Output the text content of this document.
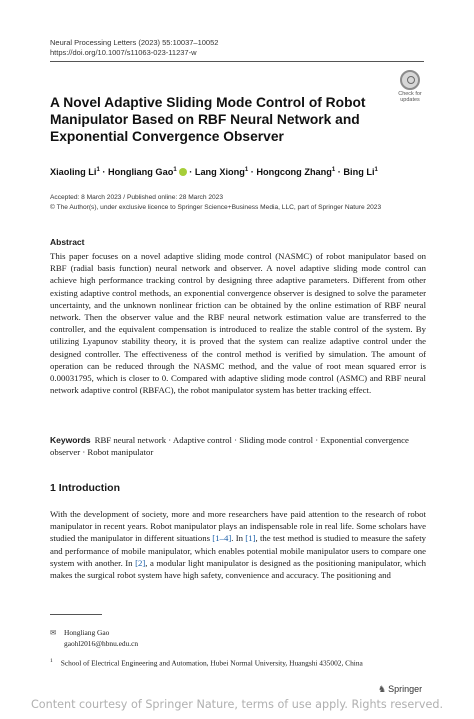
Neural Processing Letters (2023) 55:10037–10052
https://doi.org/10.1007/s11063-023-11237-w
Check for
updates
A Novel Adaptive Sliding Mode Control of Robot Manipulator Based on RBF Neural Network and Exponential Convergence Observer
Xiaoling $Li^1$ · Hongliang Gao$^1$ · Lang Xiong$^1$ · Hongcong Zhang$^1$ · Bing Li$^1$
Accepted: 8 March 2023 / Published online: 28 March 2023
© The Author(s), under exclusive licence to Springer Science+Business Media, LLC, part of Springer Nature 2023
Abstract

This paper focuses on a novel adaptive sliding mode control (NASMC) of robot manipulator based on RBF (radial basis function) neural network and observer. A novel adaptive sliding mode control can achieve high performance tracking control by designing three adaptive parameters. Different from other existing adaptive control methods, an exponential convergence observer is designed to solve the parameter uncertainty, and the unknown nonlinear friction can be obtained by the online estimation of RBF neural network. Then the observer value and the RBF neural network estimation value are transferred to the controller, and the equivalent compensation is introduced to realize the stable control of the system. By utilizing Lyapunov stability theory, it is proved that the system can realize adaptive control under the designed controller. The effectiveness of the control method is verified by simulation. The amount of operation can be reduced through the NASMC method, and the value of root mean squared error is 0.00031795, which is closer to 0. Compared with adaptive sliding mode control (ASMC) and RBF neural network adaptive control (RBFAC), the robot manipulator system has better tracking effect.

Keywords RBF neural network · Adaptive control · Sliding mode control · Exponential convergence observer · Robot manipulator

1 Introduction

With the development of society, more and more researchers have paid attention to the research of robot manipulator in recent years. Robot manipulator plays an indispensable role in real life. Some scholars have studied the manipulator in different situations [1–4]. In [1], the test method is studied to measure the safety and performance of mobile manipulator, which enables potential mobile manipulator users to compare one system with another. In [2], a modular light manipulator is designed as the positioning manipulator, which makes the surgical robot system have high safety, convenience and accuracy. The positioning and

✉ Hongliang Gao
gaohl2016@hbnu.edu.cn
$^1$ School of Electrical Engineering and Automation, Hubei Normal University, Huangshi 435002, China
♞ Springer
Content courtesy of Springer Nature, terms of use apply. Rights reserved.
